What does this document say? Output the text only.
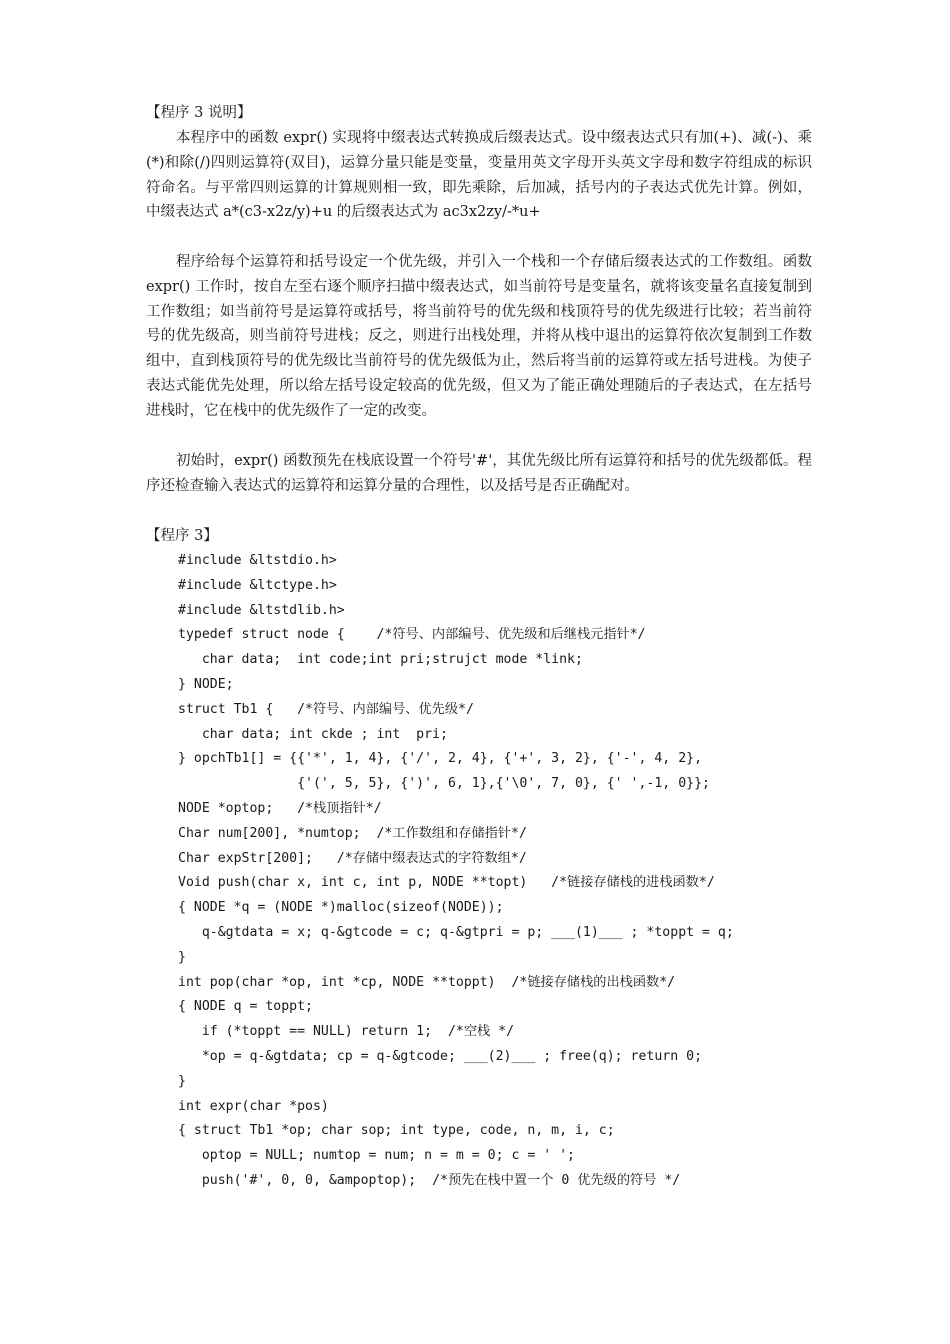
【程序 3 说明】

本程序中的函数 expr() 实现将中缀表达式转换成后缀表达式。设中缀表达式只有加(+)、减(-)、乘(*)和除(/)四则运算符(双目)，运算分量只能是变量，变量用英文字母开头英文字母和数字符组成的标识符命名。与平常四则运算的计算规则相一致，即先乘除，后加减，括号内的子表达式优先计算。例如，中缀表达式 a*(c3-x2z/y)+u 的后缀表达式为 ac3x2zy/-*u+

程序给每个运算符和括号设定一个优先级，并引入一个栈和一个存储后缀表达式的工作数组。函数 expr() 工作时，按自左至右逐个顺序扫描中缀表达式，如当前符号是变量名，就将该变量名直接复制到工作数组；如当前符号是运算符或括号，将当前符号的优先级和栈顶符号的优先级进行比较；若当前符号的优先级高，则当前符号进栈；反之，则进行出栈处理，并将从栈中退出的运算符依次复制到工作数组中，直到栈顶符号的优先级比当前符号的优先级低为止，然后将当前的运算符或左括号进栈。为使子表达式能优先处理，所以给左括号设定较高的优先级，但又为了能正确处理随后的子表达式，在左括号进栈时，它在栈中的优先级作了一定的改变。

初始时，expr() 函数预先在栈底设置一个符号'#'，其优先级比所有运算符和括号的优先级都低。程序还检查输入表达式的运算符和运算分量的合理性，以及括号是否正确配对。

【程序 3】
#include &ltstdio.h>
#include &ltctype.h>
#include &ltstdlib.h>
typedef struct node {    /*符号、内部编号、优先级和后继栈元指针*/
char data;  int code;int pri;strujct mode *link;
} NODE;
struct Tb1 {   /*符号、内部编号、优先级*/
char data; int ckde ; int  pri;
} opchTb1[] = {{'*', 1, 4}, {'/', 2, 4}, {'+', 3, 2}, {'-', 4, 2},
{'(', 5, 5}, {')', 6, 1},{'\0', 7, 0}, {' ',-1, 0}};
NODE *optop;   /*栈顶指针*/
Char num[200], *numtop;  /*工作数组和存储指针*/
Char expStr[200];   /*存储中缀表达式的字符数组*/
Void push(char x, int c, int p, NODE **topt)   /*链接存储栈的进栈函数*/
{ NODE *q = (NODE *)malloc(sizeof(NODE));
q-&gtdata = x; q-&gtcode = c; q-&gtpri = p; ___(1)___ ; *toppt = q;
}
int pop(char *op, int *cp, NODE **toppt)  /*链接存储栈的出栈函数*/
{ NODE q = toppt;
if (*toppt == NULL) return 1;  /*空栈 */
*op = q-&gtdata; cp = q-&gtcode; ___(2)___ ; free(q); return 0;
}
int expr(char *pos)
{ struct Tb1 *op; char sop; int type, code, n, m, i, c;
optop = NULL; numtop = num; n = m = 0; c = ' ';
push('#', 0, 0, &ampoptop);  /*预先在栈中置一个 0 优先级的符号 */
